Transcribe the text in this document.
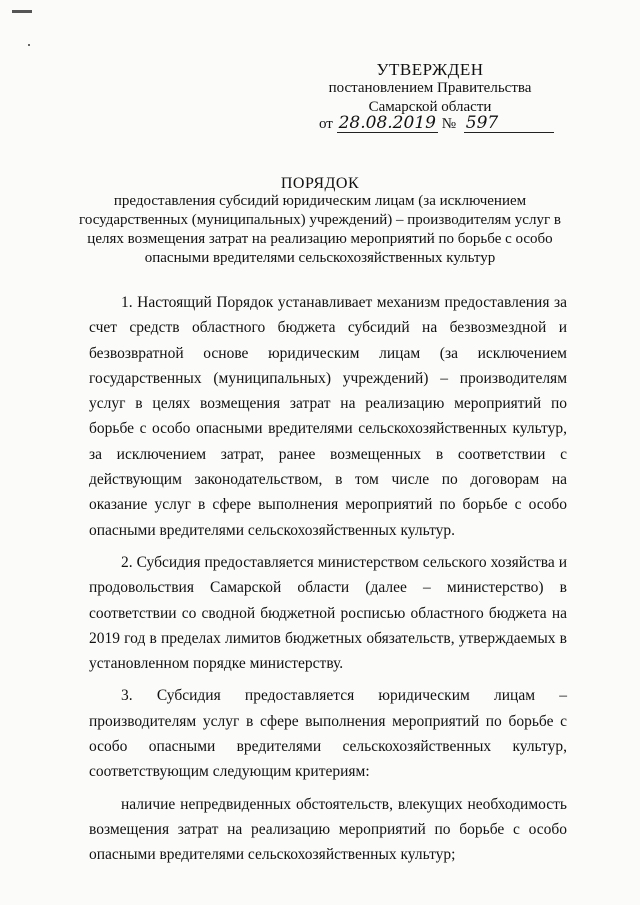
УТВЕРЖДЕН
постановлением Правительства
Самарской области
от 28.08.2019 № 597
ПОРЯДОК
предоставления субсидий юридическим лицам (за исключением государственных (муниципальных) учреждений) – производителям услуг в целях возмещения затрат на реализацию мероприятий по борьбе с особо опасными вредителями сельскохозяйственных культур

1. Настоящий Порядок устанавливает механизм предоставления за счет средств областного бюджета субсидий на безвозмездной и безвозвратной основе юридическим лицам (за исключением государственных (муниципальных) учреждений) – производителям услуг в целях возмещения затрат на реализацию мероприятий по борьбе с особо опасными вредителями сельскохозяйственных культур, за исключением затрат, ранее возмещенных в соответствии с действующим законодательством, в том числе по договорам на оказание услуг в сфере выполнения мероприятий по борьбе с особо опасными вредителями сельскохозяйственных культур.

2. Субсидия предоставляется министерством сельского хозяйства и продовольствия Самарской области (далее – министерство) в соответствии со сводной бюджетной росписью областного бюджета на 2019 год в пределах лимитов бюджетных обязательств, утверждаемых в установленном порядке министерству.

3. Субсидия предоставляется юридическим лицам – производителям услуг в сфере выполнения мероприятий по борьбе с особо опасными вредителями сельскохозяйственных культур, соответствующим следующим критериям:

наличие непредвиденных обстоятельств, влекущих необходимость возмещения затрат на реализацию мероприятий по борьбе с особо опасными вредителями сельскохозяйственных культур;
